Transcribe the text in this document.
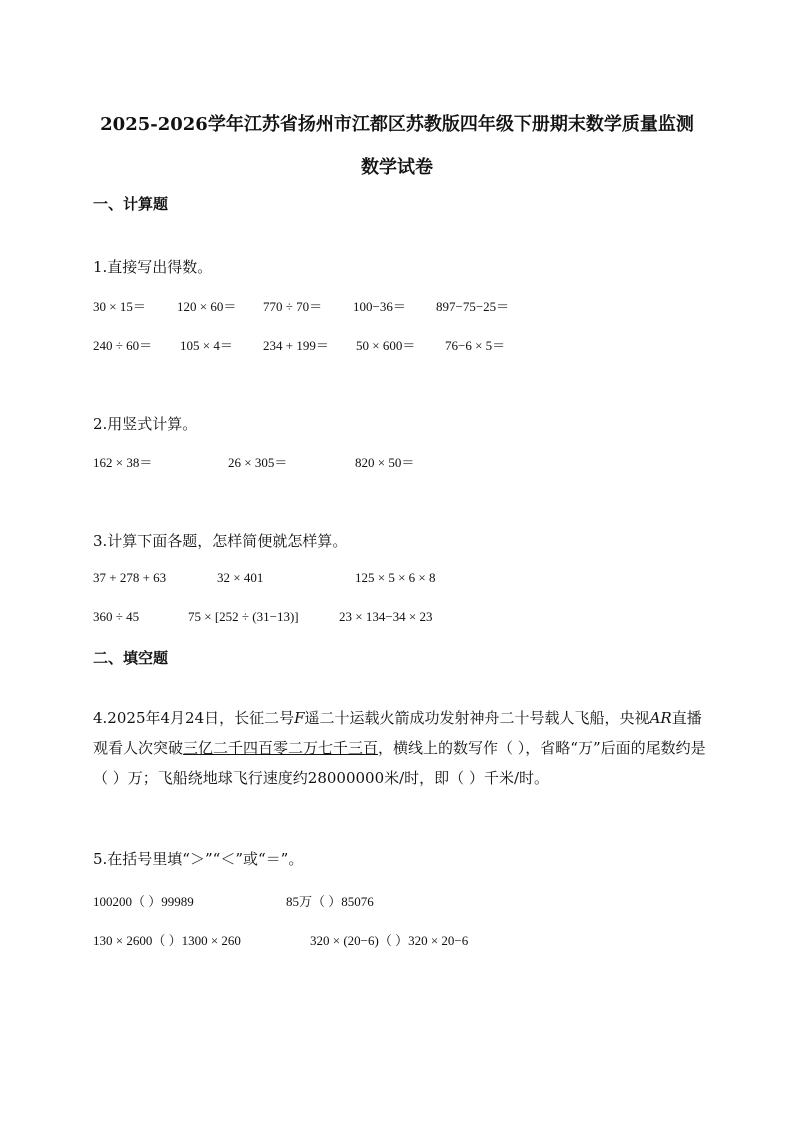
2025-2026学年江苏省扬州市江都区苏教版四年级下册期末数学质量监测
数学试卷
一、计算题
1.直接写出得数。
30 × 15＝ 120 × 60＝ 770 ÷ 70＝ 100−36＝ 897−75−25＝
240 ÷ 60＝ 105 × 4＝ 234 + 199＝ 50 × 600＝ 76−6 × 5＝
2.用竖式计算。
162 × 38＝	26 × 305＝	820 × 50＝
3.计算下面各题，怎样简便就怎样算。
37 + 278 + 63	32 × 401	125 × 5 × 6 × 8
360 ÷ 45	75 × [252 ÷ (31−13)]	23 × 134−34 × 23
二、填空题
4.2025年4月24日，长征二号F遥二十运载火箭成功发射神舟二十号载人飞船，央视AR直播观看人次突破三亿二千四百零二万七千三百，横线上的数写作（ ），省略“万”后面的尾数约是（ ）万；飞船绕地球飞行速度约28000000米/时，即（ ）千米/时。
5.在括号里填“＞”“＜”或“＝”。
100200（ ）99989	85万（ ）85076
130 × 2600（ ）1300 × 260	320 × (20−6)（ ）320 × 20−6
